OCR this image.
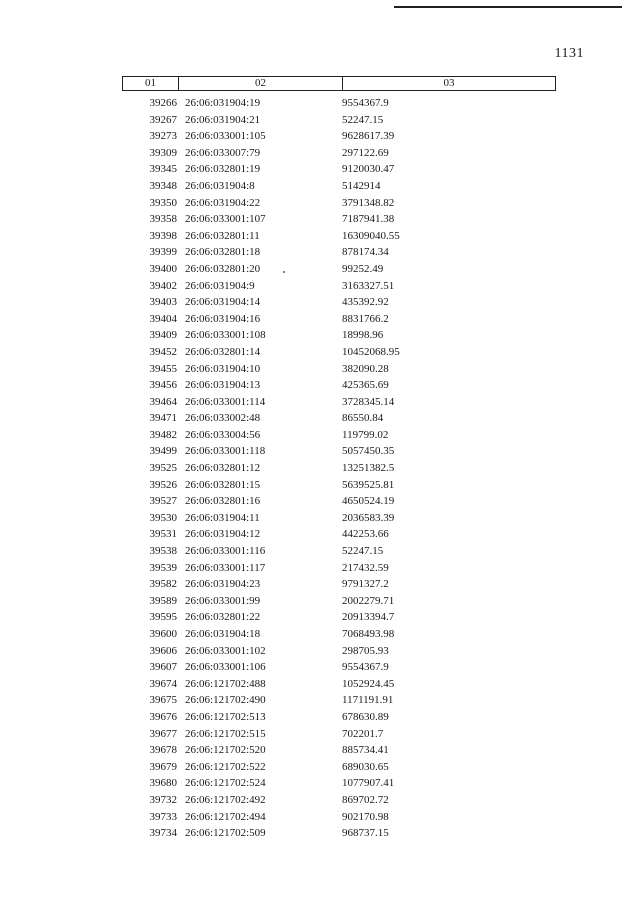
1131
01	02	03
39266 26:06:031904:19	9554367.9
39267 26:06:031904:21	52247.15
39273 26:06:033001:105	9628617.39
39309 26:06:033007:79	297122.69
39345 26:06:032801:19	9120030.47
39348 26:06:031904:8	5142914
39350 26:06:031904:22	3791348.82
39358 26:06:033001:107	7187941.38
39398 26:06:032801:11	16309040.55
39399 26:06:032801:18	878174.34
39400 26:06:032801:20	99252.49
39402 26:06:031904:9	3163327.51
39403 26:06:031904:14	435392.92
39404 26:06:031904:16	8831766.2
39409 26:06:033001:108	18998.96
39452 26:06:032801:14	10452068.95
39455 26:06:031904:10	382090.28
39456 26:06:031904:13	425365.69
39464 26:06:033001:114	3728345.14
39471 26:06:033002:48	86550.84
39482 26:06:033004:56	119799.02
39499 26:06:033001:118	5057450.35
39525 26:06:032801:12	13251382.5
39526 26:06:032801:15	5639525.81
39527 26:06:032801:16	4650524.19
39530 26:06:031904:11	2036583.39
39531 26:06:031904:12	442253.66
39538 26:06:033001:116	52247.15
39539 26:06:033001:117	217432.59
39582 26:06:031904:23	9791327.2
39589 26:06:033001:99	2002279.71
39595 26:06:032801:22	20913394.7
39600 26:06:031904:18	7068493.98
39606 26:06:033001:102	298705.93
39607 26:06:033001:106	9554367.9
39674 26:06:121702:488	1052924.45
39675 26:06:121702:490	1171191.91
39676 26:06:121702:513	678630.89
39677 26:06:121702:515	702201.7
39678 26:06:121702:520	885734.41
39679 26:06:121702:522	689030.65
39680 26:06:121702:524	1077907.41
39732 26:06:121702:492	869702.72
39733 26:06:121702:494	902170.98
39734 26:06:121702:509	968737.15
